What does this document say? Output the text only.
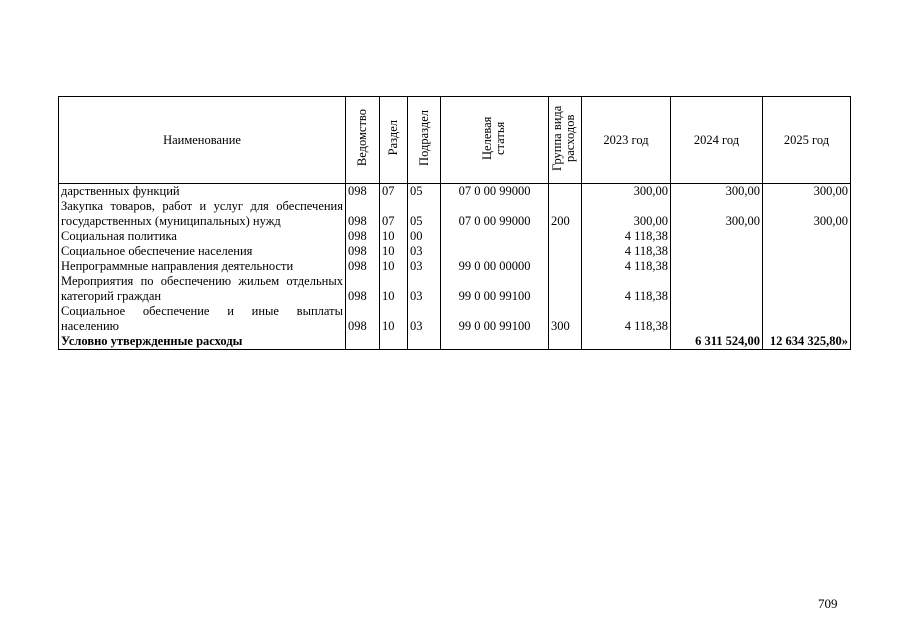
Наименование	Ведомство	Раздел	Подраздел	Целевая статья	Группа вида расходов	2023 год	2024 год	2025 год
дарственных функций	098	07	05	07 0 00 99000		300,00	300,00	300,00
Закупка товаров, работ и услуг для обеспечения государственных (муниципальных) нужд	098	07	05	07 0 00 99000	200	300,00	300,00	300,00
Социальная политика	098	10	00			4 118,38		
Социальное обеспечение населения	098	10	03			4 118,38		
Непрограммные направления деятельности	098	10	03	99 0 00 00000		4 118,38		
Мероприятия по обеспечению жильем отдельных категорий граждан	098	10	03	99 0 00 99100		4 118,38		
Социальное обеспечение и иные выплаты населению	098	10	03	99 0 00 99100	300	4 118,38		
Условно утвержденные расходы							6 311 524,00	12 634 325,80»
709
